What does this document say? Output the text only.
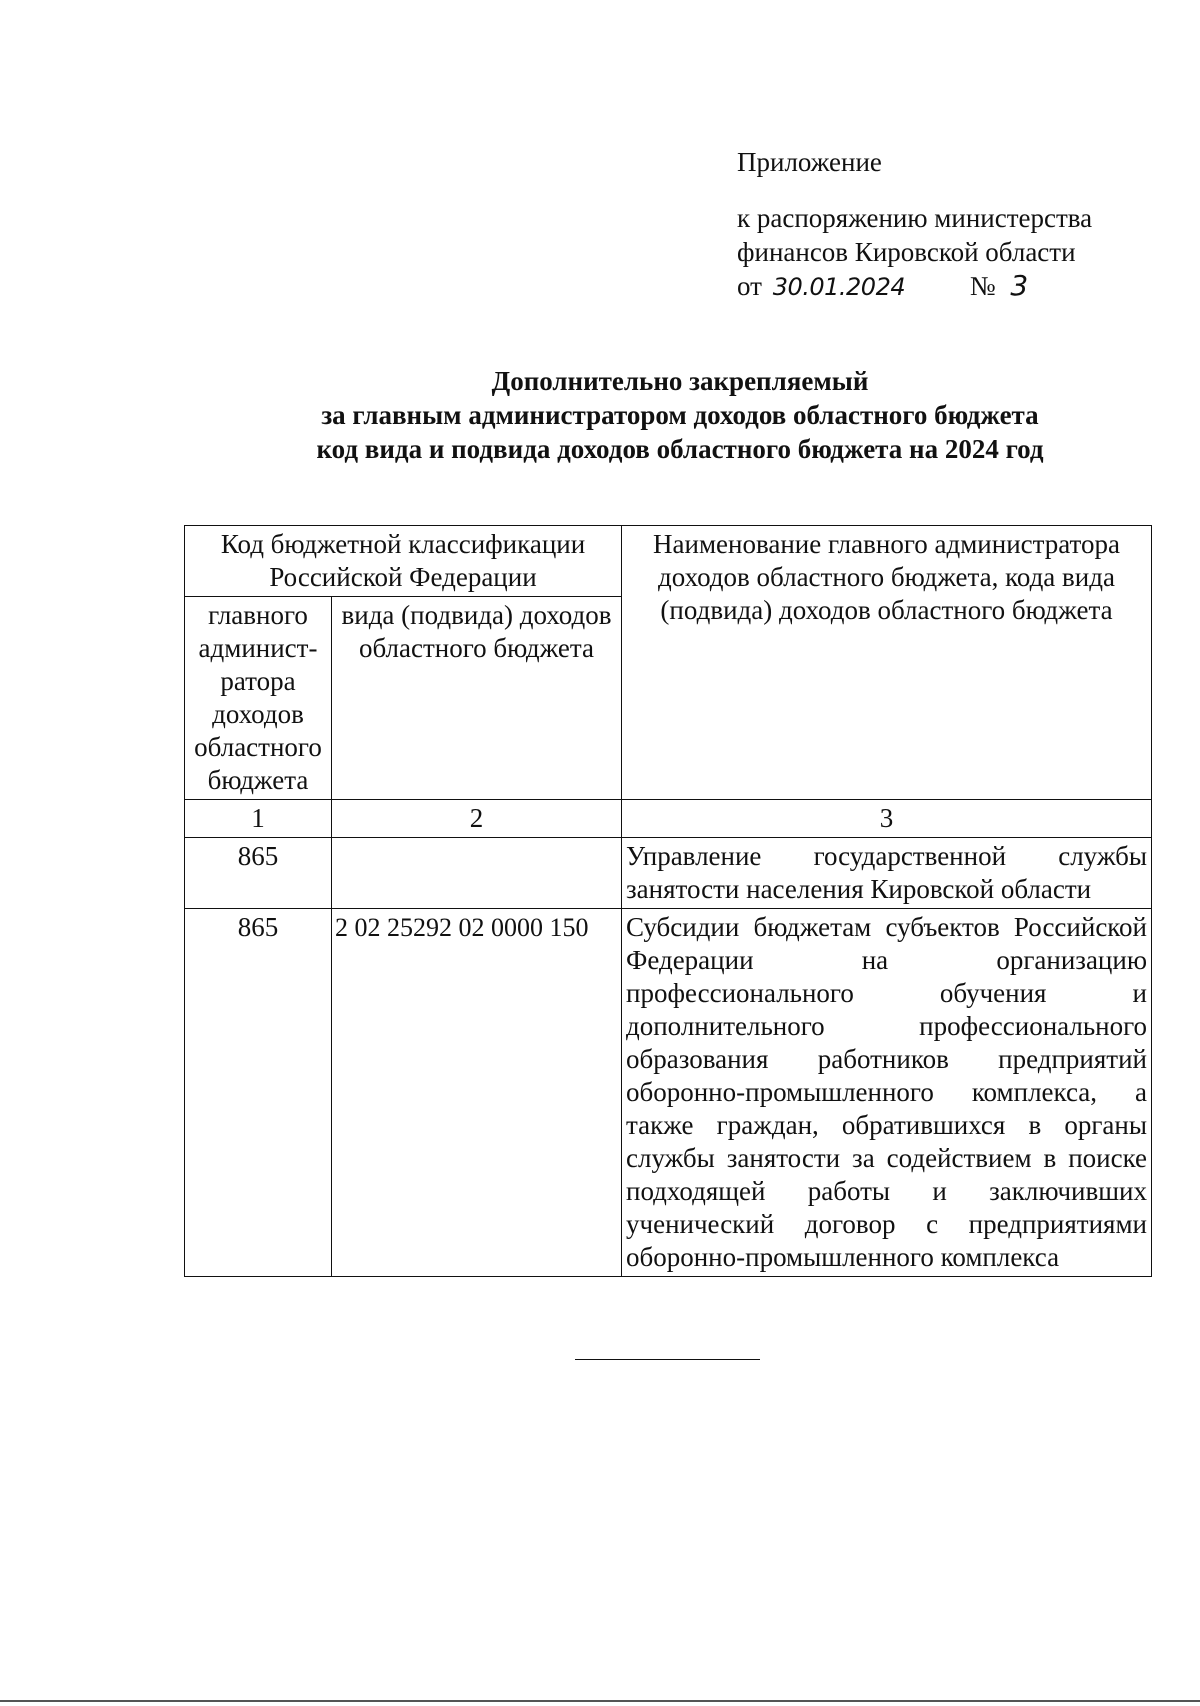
Приложение
к распоряжению министерства
финансов Кировской области
от 30.01.2024 № 3
Дополнительно закрепляемый
за главным администратором доходов областного бюджета
код вида и подвида доходов областного бюджета на 2024 год
Код бюджетной классификации Российской Федерации		Наименование главного администратора доходов областного бюджета, кода вида (подвида) доходов областного бюджета
главного админист-ратора доходов областного бюджета	вида (подвида) доходов областного бюджета	
1	2	3
865		Управление государственной службы занятости населения Кировской области
865	2 02 25292 02 0000 150	Субсидии бюджетам субъектов Российской Федерации на организацию профессионального обучения и дополнительного профессионального образования работников предприятий оборонно-промышленного комплекса, а также граждан, обратившихся в органы службы занятости за содействием в поиске подходящей работы и заключивших ученический договор с предприятиями оборонно-промышленного комплекса
